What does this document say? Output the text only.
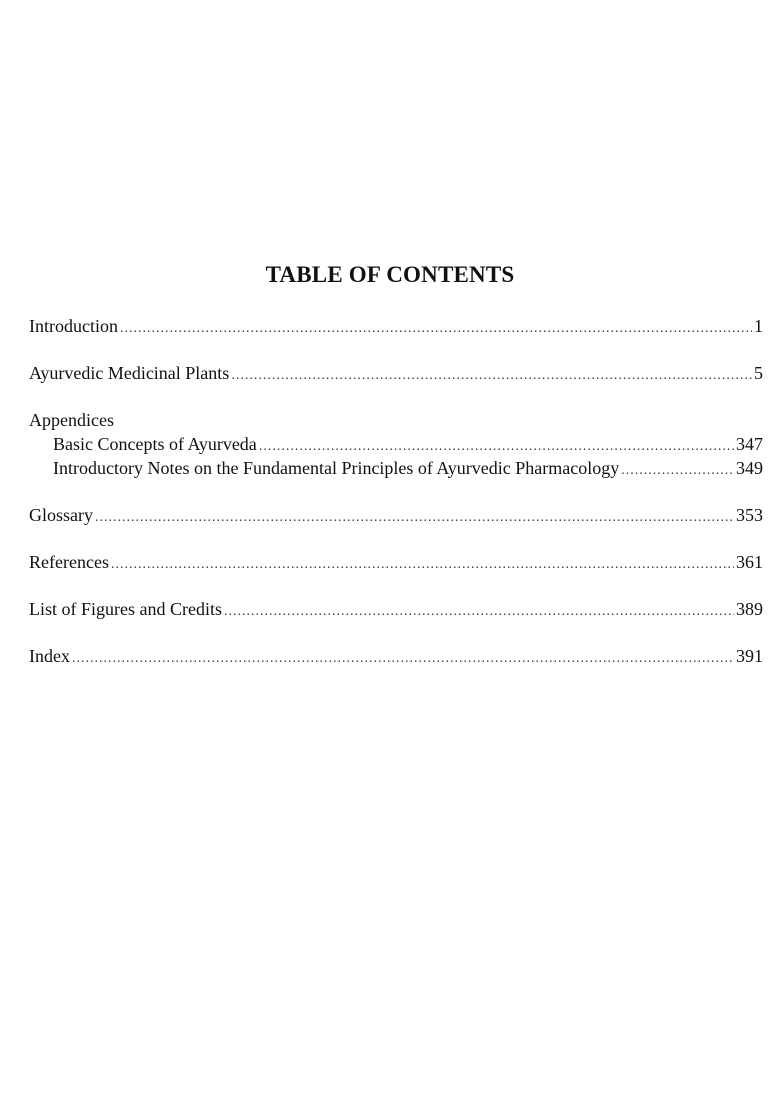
TABLE OF CONTENTS
Introduction .....	1
Ayurvedic Medicinal Plants .....	5
Appendices
Basic Concepts of Ayurveda .....	347
Introductory Notes on the Fundamental Principles of Ayurvedic Pharmacology .....	349
Glossary .....	353
References .....	361
List of Figures and Credits .....	389
Index .....	391
